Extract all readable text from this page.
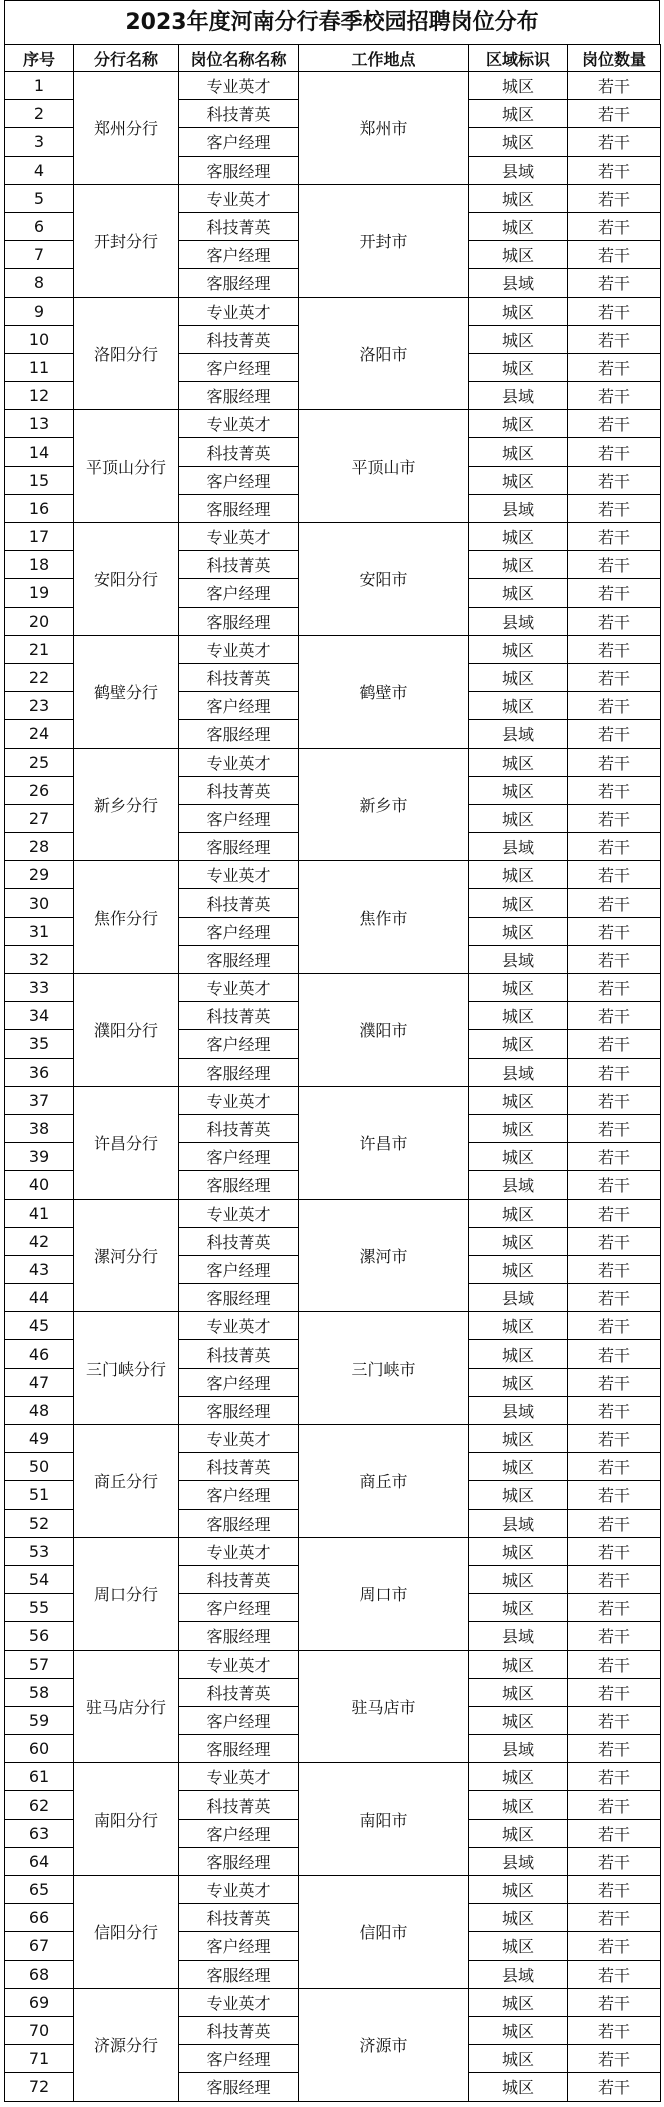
2023年度河南分行春季校园招聘岗位分布
序号	分行名称	岗位名称名称	工作地点	区域标识	岗位数量
1	郑州分行	专业英才	郑州市	城区	若干
2		科技菁英		城区	若干
3		客户经理		城区	若干
4		客服经理		县域	若干
5	开封分行	专业英才	开封市	城区	若干
6		科技菁英		城区	若干
7		客户经理		城区	若干
8		客服经理		县域	若干
9	洛阳分行	专业英才	洛阳市	城区	若干
10		科技菁英		城区	若干
11		客户经理		城区	若干
12		客服经理		县域	若干
13	平顶山分行	专业英才	平顶山市	城区	若干
14		科技菁英		城区	若干
15		客户经理		城区	若干
16		客服经理		县域	若干
17	安阳分行	专业英才	安阳市	城区	若干
18		科技菁英		城区	若干
19		客户经理		城区	若干
20		客服经理		县域	若干
21	鹤壁分行	专业英才	鹤壁市	城区	若干
22		科技菁英		城区	若干
23		客户经理		城区	若干
24		客服经理		县域	若干
25	新乡分行	专业英才	新乡市	城区	若干
26		科技菁英		城区	若干
27		客户经理		城区	若干
28		客服经理		县域	若干
29	焦作分行	专业英才	焦作市	城区	若干
30		科技菁英		城区	若干
31		客户经理		城区	若干
32		客服经理		县域	若干
33	濮阳分行	专业英才	濮阳市	城区	若干
34		科技菁英		城区	若干
35		客户经理		城区	若干
36		客服经理		县域	若干
37	许昌分行	专业英才	许昌市	城区	若干
38		科技菁英		城区	若干
39		客户经理		城区	若干
40		客服经理		县域	若干
41	漯河分行	专业英才	漯河市	城区	若干
42		科技菁英		城区	若干
43		客户经理		城区	若干
44		客服经理		县域	若干
45	三门峡分行	专业英才	三门峡市	城区	若干
46		科技菁英		城区	若干
47		客户经理		城区	若干
48		客服经理		县域	若干
49	商丘分行	专业英才	商丘市	城区	若干
50		科技菁英		城区	若干
51		客户经理		城区	若干
52		客服经理		县域	若干
53	周口分行	专业英才	周口市	城区	若干
54		科技菁英		城区	若干
55		客户经理		城区	若干
56		客服经理		县域	若干
57	驻马店分行	专业英才	驻马店市	城区	若干
58		科技菁英		城区	若干
59		客户经理		城区	若干
60		客服经理		县域	若干
61	南阳分行	专业英才	南阳市	城区	若干
62		科技菁英		城区	若干
63		客户经理		城区	若干
64		客服经理		县域	若干
65	信阳分行	专业英才	信阳市	城区	若干
66		科技菁英		城区	若干
67		客户经理		城区	若干
68		客服经理		县域	若干
69	济源分行	专业英才	济源市	城区	若干
70		科技菁英		城区	若干
71		客户经理		城区	若干
72		客服经理		城区	若干
